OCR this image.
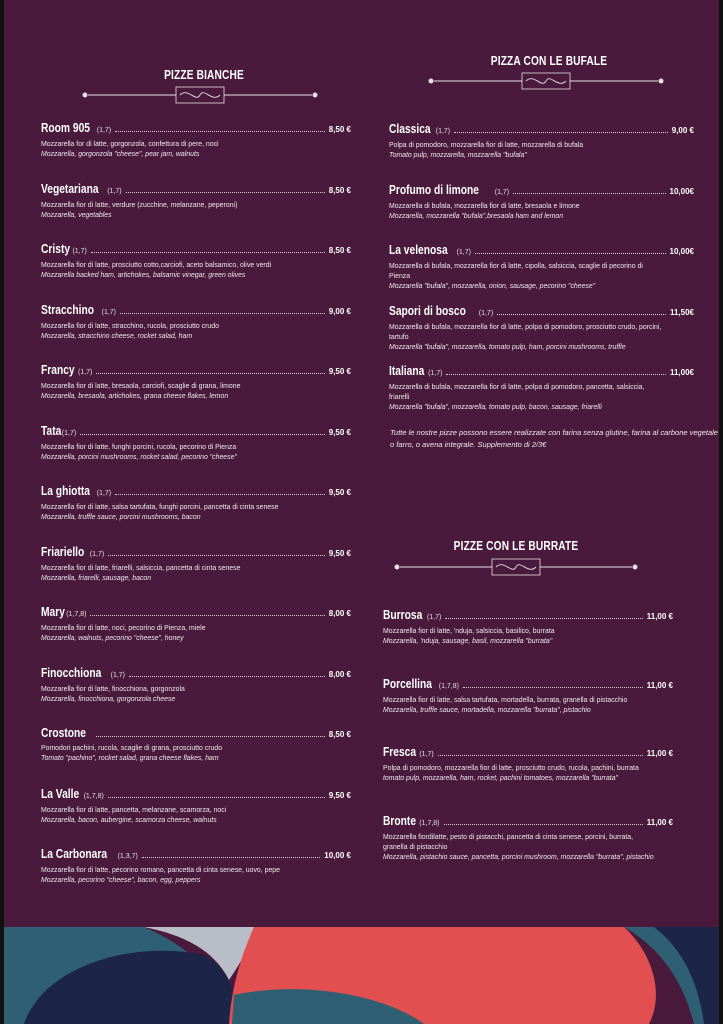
PIZZE BIANCHE
PIZZA CON LE BUFALE
PIZZE CON LE BURRATE
Room 905 (1,7)	8,50 €
Mozzarella for di latte, gorgonzola, confettura di pere, noci
Mozzarella, gorgonzola "cheese", pear jam, walnuts
Vegetariana (1,7)	8,50 €
Mozzarella fior di latte, verdure (zucchine, melanzane, peperoni)
Mozzarella, vegetables
Cristy (1,7)	8,50 €
Mozzarella fior di latte, prosciutto cotto,carciofi, aceto balsamico, olive verdi
Mozzarella backed ham, artichokes, balsamic vinegar, green olives
Stracchino (1,7)	9,00 €
Mozzarella fior di latte, stracchino, rucola, prosciutto crudo
Mozzarella, stracchino cheese, rocket salad, ham
Francy (1,7)	9,50 €
Mozzarella fior di latte, bresaola, carciofi, scaglie di grana, limone
Mozzarella, bresaola, artichokes, grana cheese flakes, lemon
Tata (1,7)	9,50 €
Mozzarella fior di latte, funghi porcini, rucola, pecorino di Pienza
Mozzarella, porcini mushrooms, rocket salad, pecorino "cheese"
La ghiotta (1,7)	9,50 €
Mozzarella fior di latte, salsa tartufata, funghi porcini, pancetta di cinta senese
Mozzarella, truffle sauce, porcini mushrooms, bacon
Friariello (1,7)	9,50 €
Mozzarella fior di latte, friarelli, salsiccia, pancetta di cinta senese
Mozzarella, friarelli, sausage, bacon
Mary (1,7,8)	8,00 €
Mozzarella fior di latte, noci, pecorino di Pienza, miele
Mozzarella, walnuts, pecorino "cheese", honey
Finocchiona (1,7)	8,00 €
Mozzarella fior di latte, finocchiona, gorgonzola
Mozzarella, finocchiona, gorgonzola cheese
Crostone	8,50 €
Pomodori pachini, rucola, scaglie di grana, prosciutto crudo
Tomato "pachino", rocket salad, grana cheese flakes, ham
La Valle (1,7,8)	9,50 €
Mozzarella fior di latte, pancetta, melanzane, scamorza, noci
Mozzarella, bacon, aubergine, scamorza cheese, walnuts
La Carbonara (1,3,7)	10,00 €
Mozzarella fior di latte, pecorino romano, pancetta di cinta senese, uovo, pepe
Mozzarella, pecorino "cheese", bacon, egg, peppers
Classica (1,7)	9,00 €
Polpa di pomodoro, mozzarella fior di latte, mozzarella di bufala
Tomato pulp, mozzarella, mozzarella "bufala"
Profumo di limone (1,7)	10,00€
Mozzarella di bufala, mozzarella fior di latte, bresaola e limone
Mozzarella, mozzarella "bufala",bresaola ham and lemon
La velenosa (1,7)	10,00€
Mozzarella di bufala, mozzarella fior di latte, cipolla, salsiccia, scaglie di pecorino di Pienza
Mozzarella "bufala", mozzarella, onion, sausage, pecorino "cheese"
Sapori di bosco (1,7)	11,50€
Mozzarella di bufala, mozzarella fior di latte, polpa di pomodoro, prosciutto crudo, porcini, tartufo
Mozzarella "bufala", mozzarella, tomato pulp, ham, porcini mushrooms, truffle
Italiana (1,7)	11,00€
Mozzarella di bufala, mozzarella fior di latte, polpa di pomodoro, pancetta, salsiccia, friarelli
Mozzarella "bufala", mozzarella, tomato pulp, bacon, sausage, friarelli
Tutte le nostre pizze possono essere realizzate con farina senza glutine, farina al carbone vegetale o farro, o avena integrale. Supplemento di 2/3€
Burrosa (1,7)	11,00 €
Mozzarella fior di latte, 'nduja, salsiccia, basilico, burrata
Mozzarella, 'nduja, sausage, basil, mozzarella "burrata"
Porcellina (1,7,8)	11,00 €
Mozzarella fior di latte, salsa tartufata, mortadella, burrata, granella di pistacchio
Mozzarella, truffle sauce, mortadella, mozzarella "burrata", pistachio
Fresca (1,7)	11,00 €
Polpa di pomodoro, mozzarella fior di latte, prosciutto crudo, rucola, pachini, burrata
tomato pulp, mozzarella, ham, rocket, pachini tomatoes, mozzarella "burrata"
Bronte (1,7,8)	11,00 €
Mozzarella fiordilatte, pesto di pistacchi, pancetta di cinta senese, porcini, burrata, granella di pistacchio
Mozzarella, pistachio sauce, pancetta, porcini mushroom, mozzarella "burrata", pistachio
